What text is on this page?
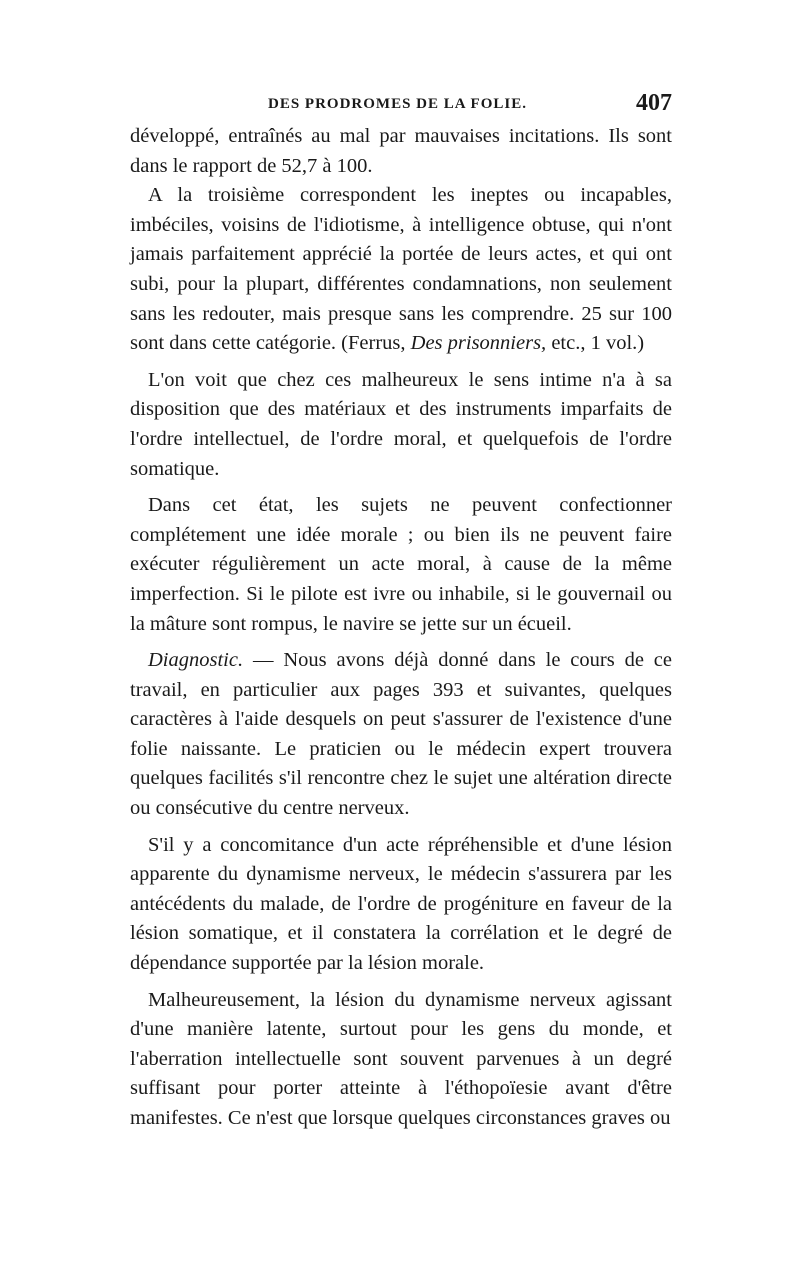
DES PRODROMES DE LA FOLIE.	407

développé, entraînés au mal par mauvaises incitations. Ils sont dans le rapport de 52,7 à 100.

A la troisième correspondent les ineptes ou incapables, imbéciles, voisins de l'idiotisme, à intelligence obtuse, qui n'ont jamais parfaitement apprécié la portée de leurs actes, et qui ont subi, pour la plupart, différentes condamnations, non seulement sans les redouter, mais presque sans les comprendre. 25 sur 100 sont dans cette catégorie. (Ferrus, Des prisonniers, etc., 1 vol.)

L'on voit que chez ces malheureux le sens intime n'a à sa disposition que des matériaux et des instruments imparfaits de l'ordre intellectuel, de l'ordre moral, et quelquefois de l'ordre somatique.

Dans cet état, les sujets ne peuvent confectionner complétement une idée morale ; ou bien ils ne peuvent faire exécuter régulièrement un acte moral, à cause de la même imperfection. Si le pilote est ivre ou inhabile, si le gouvernail ou la mâture sont rompus, le navire se jette sur un écueil.

Diagnostic. — Nous avons déjà donné dans le cours de ce travail, en particulier aux pages 393 et suivantes, quelques caractères à l'aide desquels on peut s'assurer de l'existence d'une folie naissante. Le praticien ou le médecin expert trouvera quelques facilités s'il rencontre chez le sujet une altération directe ou consécutive du centre nerveux.

S'il y a concomitance d'un acte répréhensible et d'une lésion apparente du dynamisme nerveux, le médecin s'assurera par les antécédents du malade, de l'ordre de progéniture en faveur de la lésion somatique, et il constatera la corrélation et le degré de dépendance supportée par la lésion morale.

Malheureusement, la lésion du dynamisme nerveux agissant d'une manière latente, surtout pour les gens du monde, et l'aberration intellectuelle sont souvent parvenues à un degré suffisant pour porter atteinte à l'éthopoïesie avant d'être manifestes. Ce n'est que lorsque quelques circonstances graves ou
